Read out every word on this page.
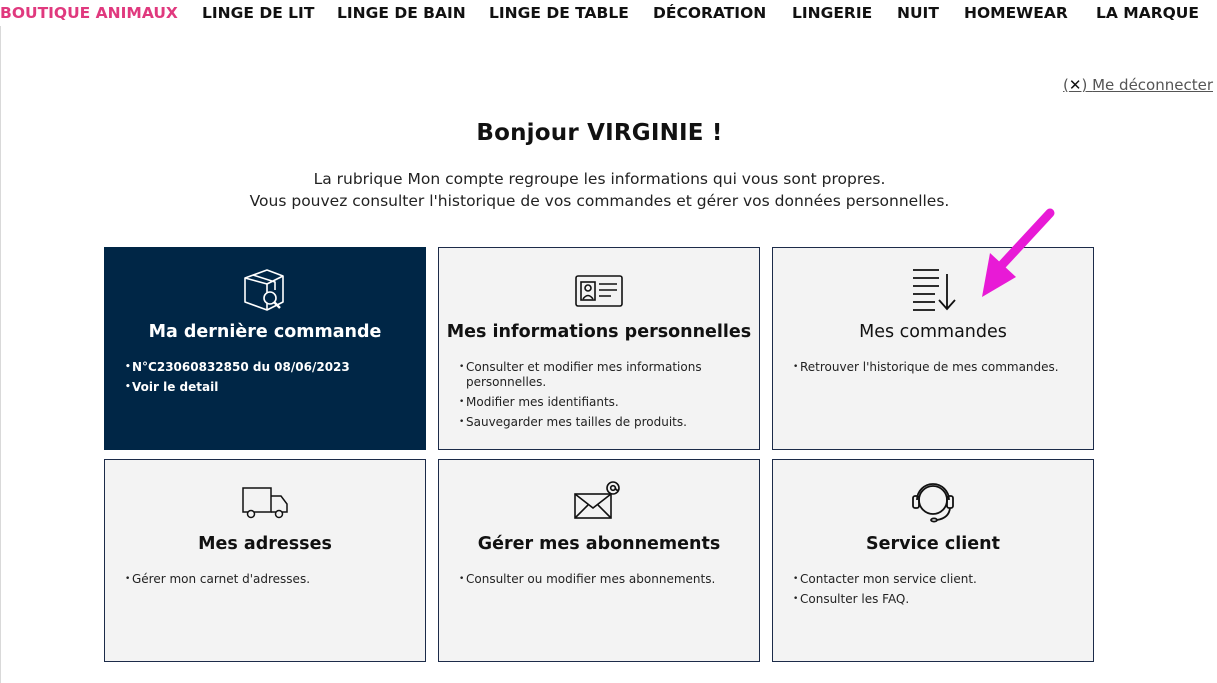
BOUTIQUE ANIMAUX LINGE DE LIT LINGE DE BAIN LINGE DE TABLE DÉCORATION LINGERIE NUIT HOMEWEAR LA MARQUE
(✕) Me déconnecter
Bonjour VIRGINIE !
La rubrique Mon compte regroupe les informations qui vous sont propres.
Vous pouvez consulter l'historique de vos commandes et gérer vos données personnelles.
Ma dernière commande
• N°C23060832850 du 08/06/2023
• Voir le detail
Mes informations personnelles
• Consulter et modifier mes informations personnelles.
• Modifier mes identifiants.
• Sauvegarder mes tailles de produits.
Mes commandes
• Retrouver l'historique de mes commandes.
Mes adresses
• Gérer mon carnet d'adresses.
Gérer mes abonnements
• Consulter ou modifier mes abonnements.
Service client
• Contacter mon service client.
• Consulter les FAQ.
